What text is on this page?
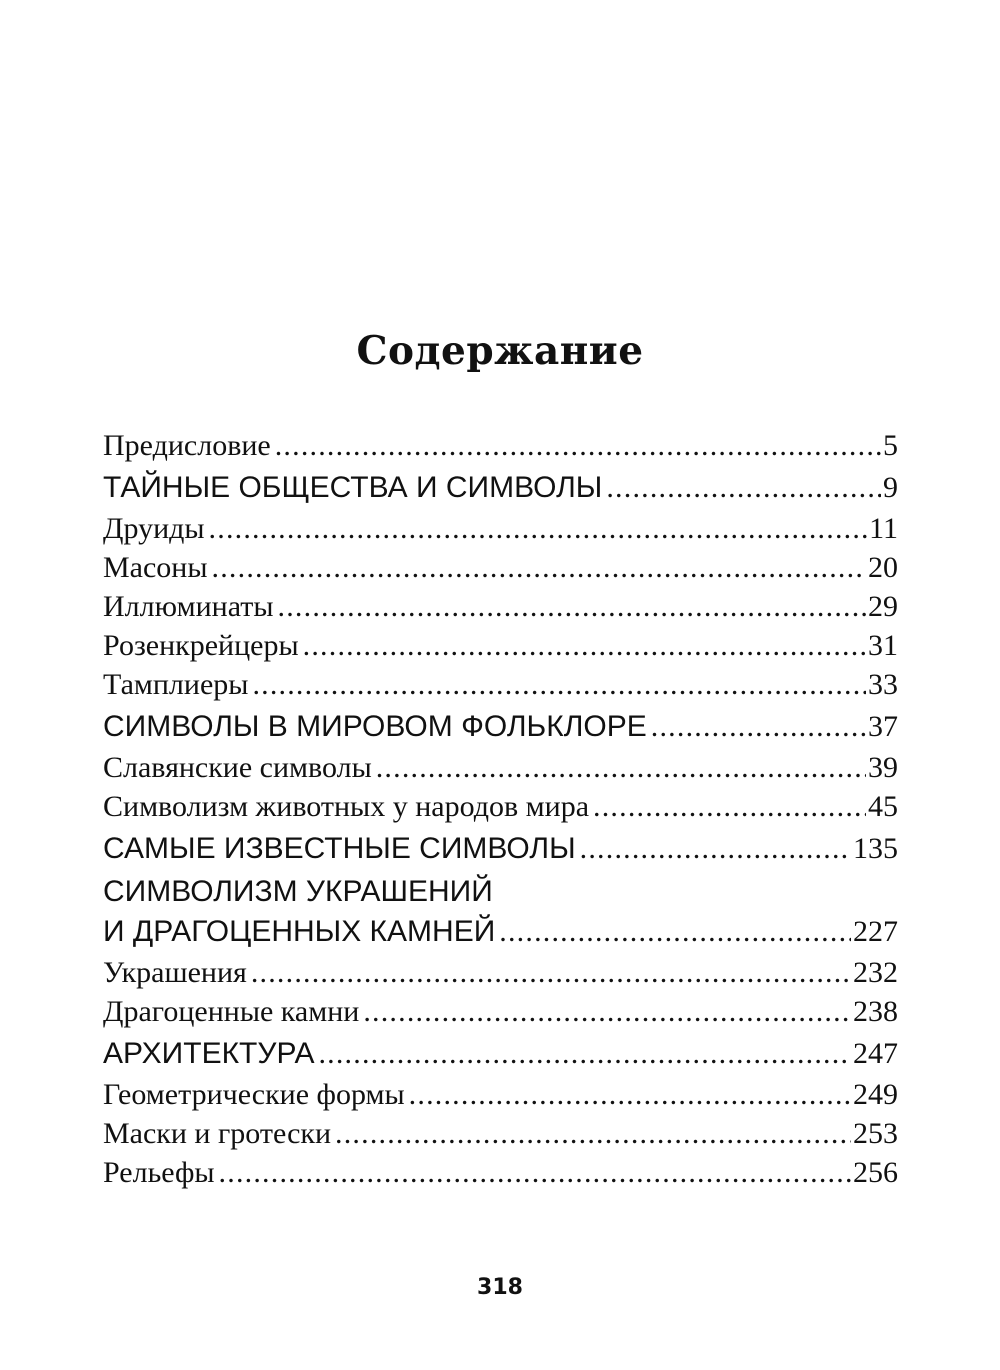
Содержание
Предисловие .....	5
ТАЙНЫЕ ОБЩЕСТВА И СИМВОЛЫ .....	9
Друиды .....	11
Масоны .....	20
Иллюминаты .....	29
Розенкрейцеры .....	31
Тамплиеры .....	33
СИМВОЛЫ В МИРОВОМ ФОЛЬКЛОРЕ .....	37
Славянские символы .....	39
Символизм животных у народов мира .....	45
САМЫЕ ИЗВЕСТНЫЕ СИМВОЛЫ .....	135
СИМВОЛИЗМ УКРАШЕНИЙ
И ДРАГОЦЕННЫХ КАМНЕЙ .....	227
Украшения .....	232
Драгоценные камни .....	238
АРХИТЕКТУРА .....	247
Геометрические формы .....	249
Маски и гротески .....	253
Рельефы .....	256
318
